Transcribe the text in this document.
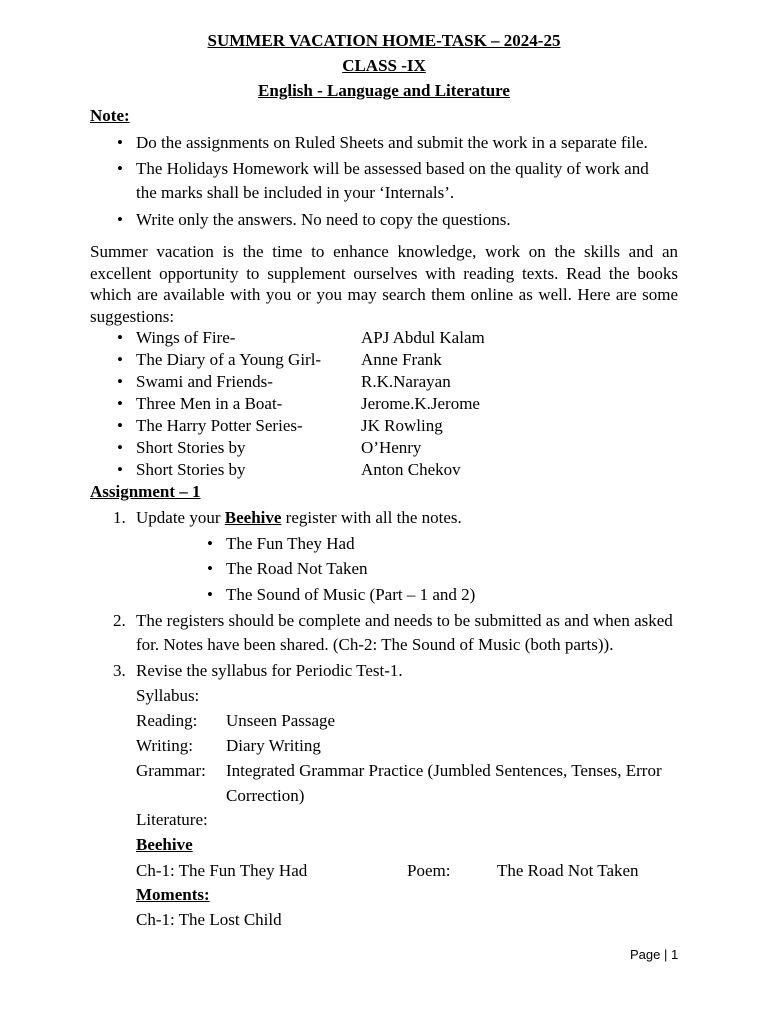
SUMMER VACATION HOME-TASK – 2024-25
CLASS -IX
English - Language and Literature
Note:
•
Do the assignments on Ruled Sheets and submit the work in a separate file.
•
The Holidays Homework will be assessed based on the quality of work and
the marks shall be included in your ‘Internals’.
•
Write only the answers. No need to copy the questions.
Summer vacation is the time to enhance knowledge, work on the skills and an excellent opportunity to supplement ourselves with reading texts. Read the books which are available with you or you may search them online as well. Here are some suggestions:
•
Wings of Fire-	APJ Abdul Kalam
•
The Diary of a Young Girl- Anne Frank
•
Swami and Friends-	R.K.Narayan
•
Three Men in a Boat-	Jerome.K.Jerome
•
The Harry Potter Series-	JK Rowling
•
Short Stories by	O’Henry
•
Short Stories by	Anton Chekov
Assignment – 1
1. Update your Beehive register with all the notes.
•
The Fun They Had
•
The Road Not Taken
•
The Sound of Music (Part – 1 and 2)
2. The registers should be complete and needs to be submitted as and when asked
for. Notes have been shared. (Ch-2: The Sound of Music (both parts)).
3. Revise the syllabus for Periodic Test-1.
Syllabus:
Reading: Unseen Passage
Writing: Diary Writing
Grammar: Integrated Grammar Practice (Jumbled Sentences, Tenses, Error
Correction)
Literature:
Beehive
Ch-1: The Fun They Had	Poem:	The Road Not Taken
Moments:
Ch-1: The Lost Child
Page | 1
